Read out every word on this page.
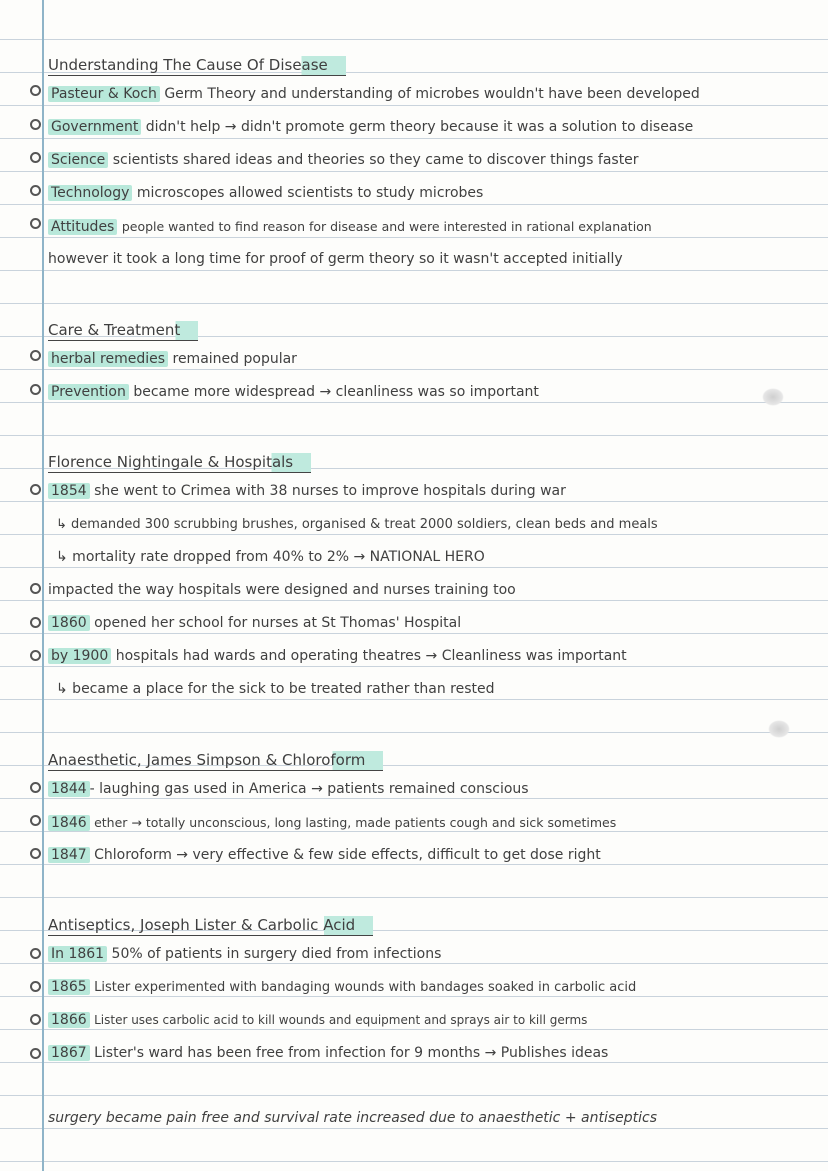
Understanding The Cause Of Disease
Pasteur & Koch Germ Theory and understanding of microbes wouldn't have been developed
Government didn't help → didn't promote germ theory because it was a solution to disease
Science scientists shared ideas and theories so they came to discover things faster
Technology microscopes allowed scientists to study microbes
Attitudes people wanted to find reason for disease and were interested in rational explanation
however it took a long time for proof of germ theory so it wasn't accepted initially
Care & Treatment
herbal remedies remained popular
Prevention became more widespread → cleanliness was so important
Florence Nightingale & Hospitals
1854 she went to Crimea with 38 nurses to improve hospitals during war
↳ demanded 300 scrubbing brushes, organised & treat 2000 soldiers, clean beds and meals
↳ mortality rate dropped from 40% to 2% → NATIONAL HERO
impacted the way hospitals were designed and nurses training too
1860 opened her school for nurses at St Thomas' Hospital
by 1900 hospitals had wards and operating theatres → Cleanliness was important
↳ became a place for the sick to be treated rather than rested
Anaesthetic, James Simpson & Chloroform
1844 - laughing gas used in America → patients remained conscious
1846 ether → totally unconscious, long lasting, made patients cough and sick sometimes
1847 Chloroform → very effective & few side effects, difficult to get dose right
Antiseptics, Joseph Lister & Carbolic Acid
In 1861 50% of patients in surgery died from infections
1865 Lister experimented with bandaging wounds with bandages soaked in carbolic acid
1866 Lister uses carbolic acid to kill wounds and equipment and sprays air to kill germs
1867 Lister's ward has been free from infection for 9 months → Publishes ideas
surgery became pain free and survival rate increased due to anaesthetic + antiseptics
